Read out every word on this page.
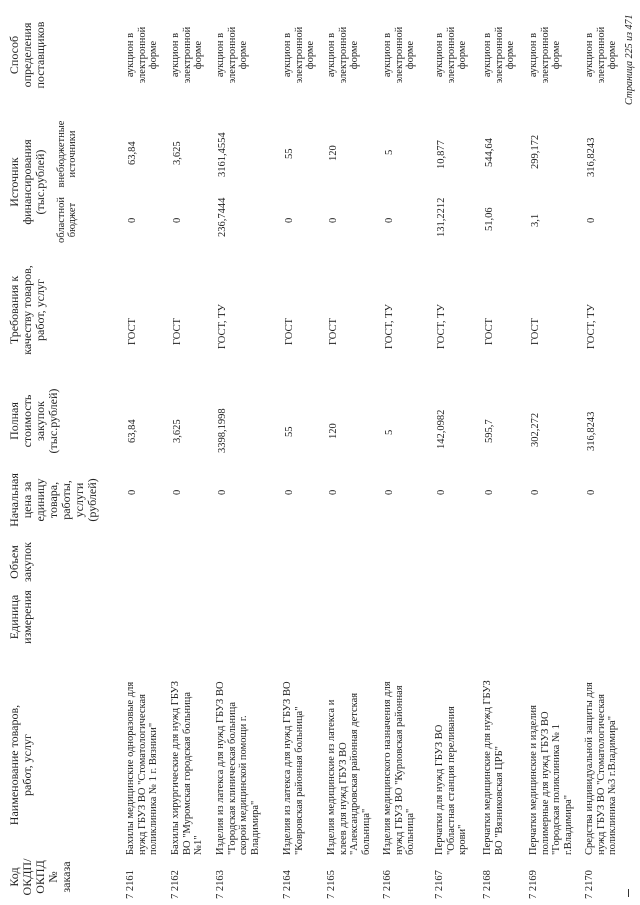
Код ОКДП/ ОКПД № заказа
Наименование товаров, работ, услуг
Единица измерения
Объем закупок
Начальная цена за единицу товара, работы, услуги (рублей)
Полная стоимость закупок (тыс.рублей)
Требования к качеству товаров, работ, услуг
Источник финансирования (тыс.рублей)
областной бюджет
внебюджетные источники
Способ определения поставщиков
7 2161
Бахилы медицинские одноразовые для нужд ГБУЗ ВО "Стоматологическая поликлиника № 1 г. Вязники"
0
63,84
ГОСТ
0
63,84
аукцион в электронной форме
7 2162
Бахилы хирургические для нужд ГБУЗ ВО "Муромская городская больница №1"
0
3,625
ГОСТ
0
3,625
аукцион в электронной форме
7 2163
Изделия из латекса для нужд ГБУЗ ВО "Городская клиническая больница скорой медицинской помощи г. Владимира"
0
3398,1998
ГОСТ, ТУ
236,7444
3161,4554
аукцион в электронной форме
7 2164
Изделия из латекса для нужд ГБУЗ ВО "Ковровская районная больница"
0
55
ГОСТ
0
55
аукцион в электронной форме
7 2165
Изделия медицинские из латекса и клеев для нужд ГБУЗ ВО "Александровская районная детская больница"
0
120
ГОСТ
0
120
аукцион в электронной форме
7 2166
Изделия медицинского назначения для нужд ГБУЗ ВО "Курловская районная больница"
0
5
ГОСТ, ТУ
0
5
аукцион в электронной форме
7 2167
Перчатки для нужд ГБУЗ ВО "Областная станция переливания крови"
0
142,0982
ГОСТ, ТУ
131,2212
10,877
аукцион в электронной форме
7 2168
Перчатки медицинские для нужд ГБУЗ ВО "Вязниковская ЦРБ"
0
595,7
ГОСТ
51,06
544,64
аукцион в электронной форме
7 2169
Перчатки медицинские и изделия полимерные для нужд ГБУЗ ВО "Городская поликлиника № 1 г.Владимира"
0
302,272
ГОСТ
3,1
299,172
аукцион в электронной форме
7 2170
Средства индивидуальной защиты для нужд ГБУЗ ВО "Стоматологическая поликлиника №3 г.Владимира"
0
316,8243
ГОСТ, ТУ
0
316,8243
аукцион в электронной форме Страница 225 из 471
